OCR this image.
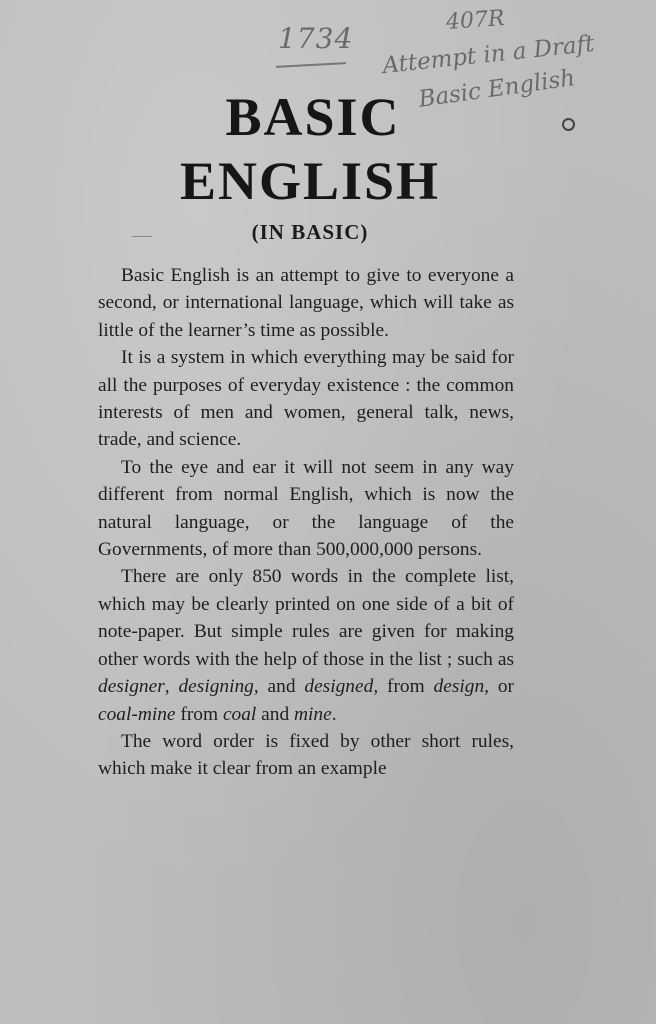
1734
407R
Attempt in a Draft
Basic English
BASIC
ENGLISH
(IN BASIC)

Basic English is an attempt to give to everyone a second, or international language, which will take as little of the learner’s time as possible.

It is a system in which everything may be said for all the purposes of everyday existence : the common interests of men and women, general talk, news, trade, and science.

To the eye and ear it will not seem in any way different from normal English, which is now the natural language, or the language of the Governments, of more than 500,000,000 persons.

There are only 850 words in the complete list, which may be clearly printed on one side of a bit of note-paper. But simple rules are given for making other words with the help of those in the list ; such as designer, designing, and designed, from design, or coal-mine from coal and mine.

The word order is fixed by other short rules, which make it clear from an example
